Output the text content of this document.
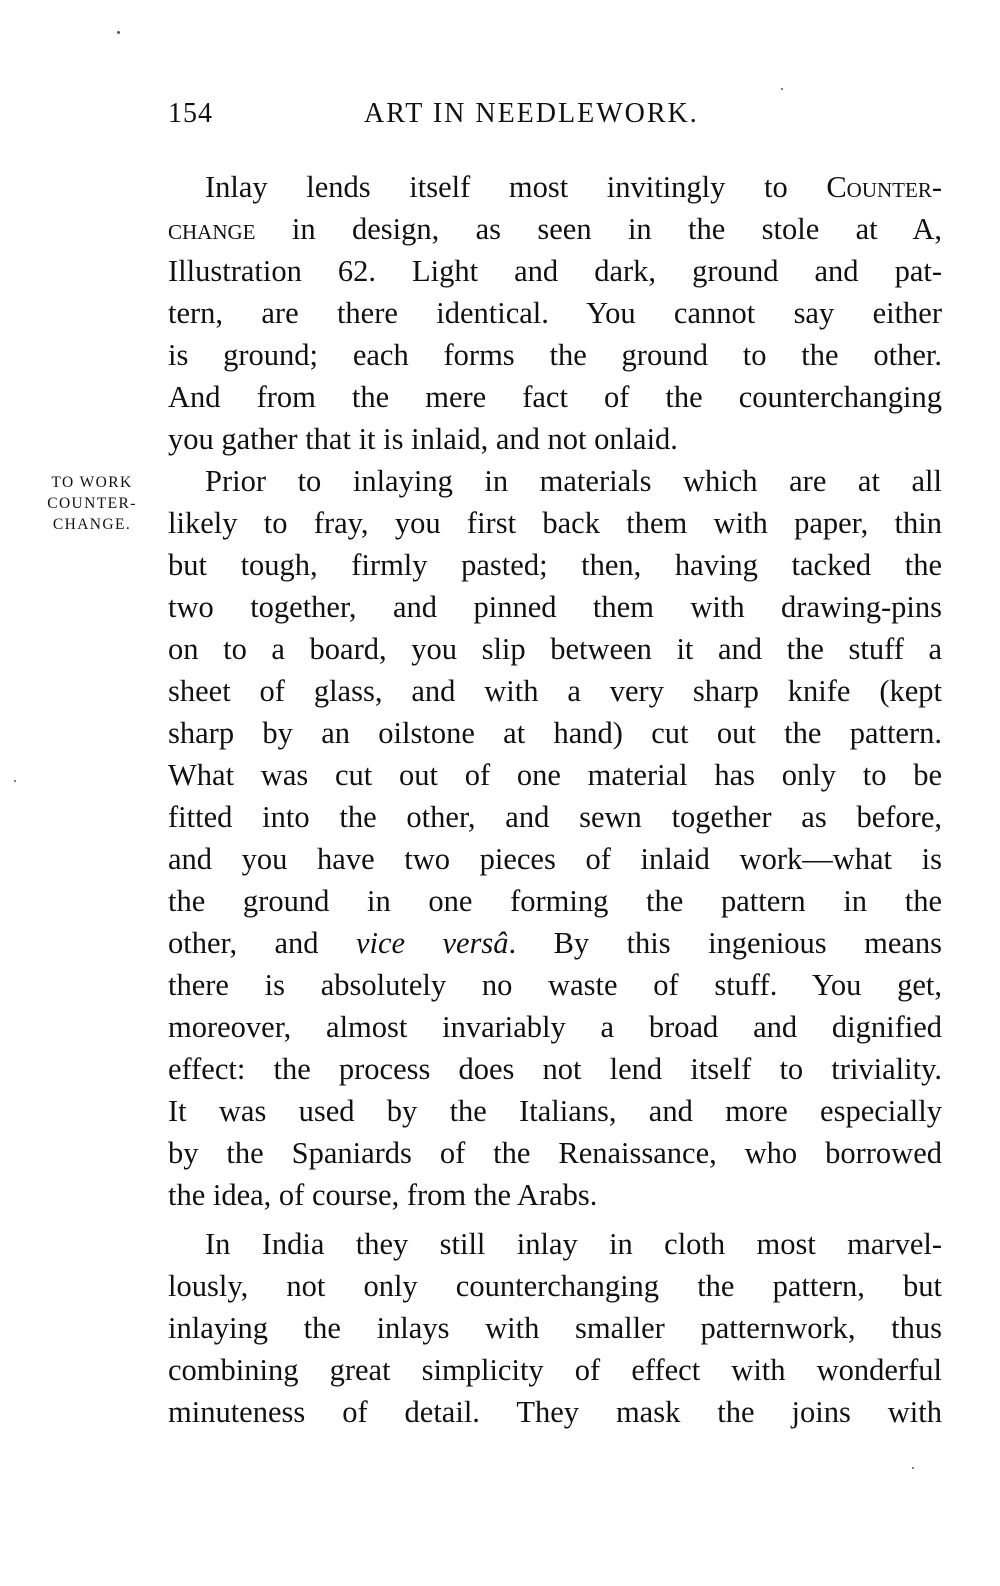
154	ART IN NEEDLEWORK.
TO WORK
COUNTER-
CHANGE.
Inlay lends itself most invitingly to Counter-
change in design, as seen in the stole at A,
Illustration 62. Light and dark, ground and pat-
tern, are there identical. You cannot say either
is ground; each forms the ground to the other.
And from the mere fact of the counterchanging
you gather that it is inlaid, and not onlaid.
Prior to inlaying in materials which are at all
likely to fray, you first back them with paper, thin
but tough, firmly pasted; then, having tacked the
two together, and pinned them with drawing-pins
on to a board, you slip between it and the stuff a
sheet of glass, and with a very sharp knife (kept
sharp by an oilstone at hand) cut out the pattern.
What was cut out of one material has only to be
fitted into the other, and sewn together as before,
and you have two pieces of inlaid work—what is
the ground in one forming the pattern in the
other, and vice versâ. By this ingenious means
there is absolutely no waste of stuff. You get,
moreover, almost invariably a broad and dignified
effect: the process does not lend itself to triviality.
It was used by the Italians, and more especially
by the Spaniards of the Renaissance, who borrowed
the idea, of course, from the Arabs.
In India they still inlay in cloth most marvel-
lously, not only counterchanging the pattern, but
inlaying the inlays with smaller patternwork, thus
combining great simplicity of effect with wonderful
minuteness of detail. They mask the joins with
